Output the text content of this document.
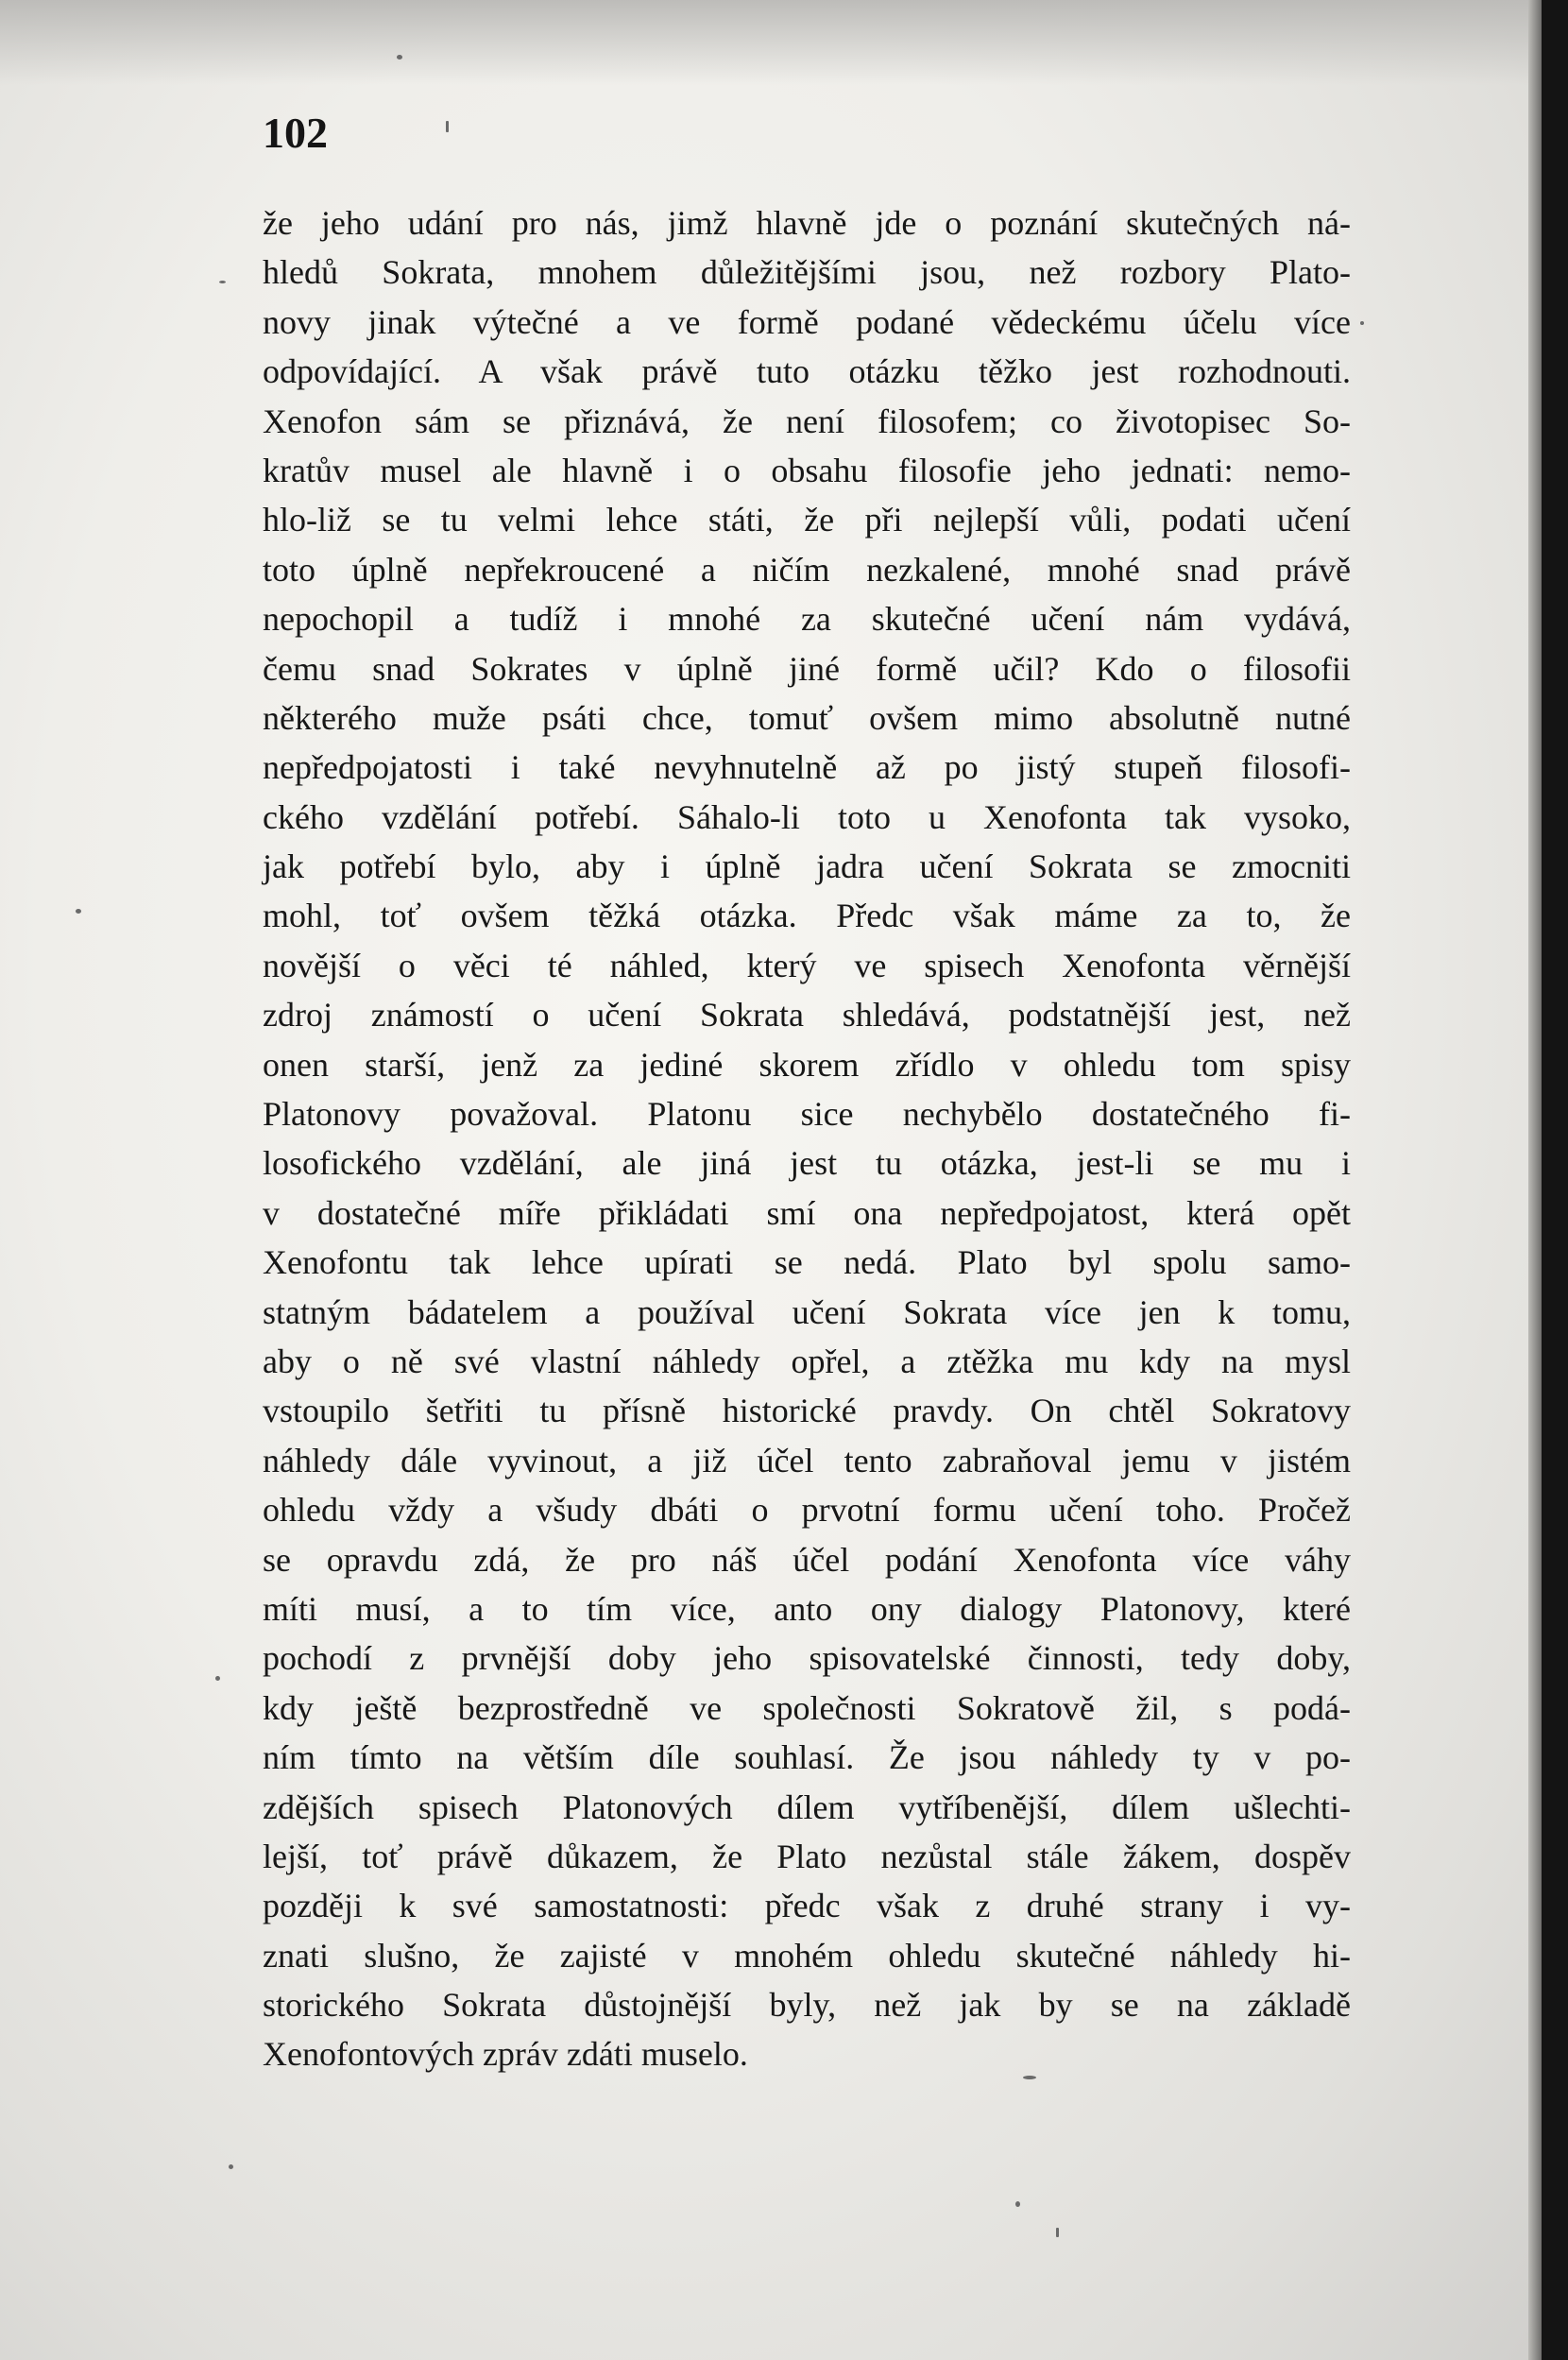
102

že jeho udání pro nás, jimž hlavně jde o poznání skutečných ná-
hledů Sokrata, mnohem důležitějšími jsou, než rozbory Plato-
novy jinak výtečné a ve formě podané vědeckému účelu více
odpovídající. A však právě tuto otázku těžko jest rozhodnouti.
Xenofon sám se přiznává, že není filosofem; co životopisec So-
kratův musel ale hlavně i o obsahu filosofie jeho jednati: nemo-
hlo-liž se tu velmi lehce státi, že při nejlepší vůli, podati učení
toto úplně nepřekroucené a ničím nezkalené, mnohé snad právě
nepochopil a tudíž i mnohé za skutečné učení nám vydává,
čemu snad Sokrates v úplně jiné formě učil? Kdo o filosofii
některého muže psáti chce, tomuť ovšem mimo absolutně nutné
nepředpojatosti i také nevyhnutelně až po jistý stupeň filosofi-
ckého vzdělání potřebí. Sáhalo-li toto u Xenofonta tak vysoko,
jak potřebí bylo, aby i úplně jadra učení Sokrata se zmocniti
mohl, toť ovšem těžká otázka. Předc však máme za to, že
novější o věci té náhled, který ve spisech Xenofonta věrnější
zdroj známostí o učení Sokrata shledává, podstatnější jest, než
onen starší, jenž za jediné skorem zřídlo v ohledu tom spisy
Platonovy považoval. Platonu sice nechybělo dostatečného fi-
losofického vzdělání, ale jiná jest tu otázka, jest-li se mu i
v dostatečné míře přikládati smí ona nepředpojatost, která opět
Xenofontu tak lehce upírati se nedá. Plato byl spolu samo-
statným bádatelem a používal učení Sokrata více jen k tomu,
aby o ně své vlastní náhledy opřel, a ztěžka mu kdy na mysl
vstoupilo šetřiti tu přísně historické pravdy. On chtěl Sokratovy
náhledy dále vyvinout, a již účel tento zabraňoval jemu v jistém
ohledu vždy a všudy dbáti o prvotní formu učení toho. Pročež
se opravdu zdá, že pro náš účel podání Xenofonta více váhy
míti musí, a to tím více, anto ony dialogy Platonovy, které
pochodí z prvnější doby jeho spisovatelské činnosti, tedy doby,
kdy ještě bezprostředně ve společnosti Sokratově žil, s podá-
ním tímto na větším díle souhlasí. Že jsou náhledy ty v po-
zdějších spisech Platonových dílem vytříbenější, dílem ušlechti-
lejší, toť právě důkazem, že Plato nezůstal stále žákem, dospěv
později k své samostatnosti: předc však z druhé strany i vy-
znati slušno, že zajisté v mnohém ohledu skutečné náhledy hi-
storického Sokrata důstojnější byly, než jak by se na základě
Xenofontových zpráv zdáti muselo.
